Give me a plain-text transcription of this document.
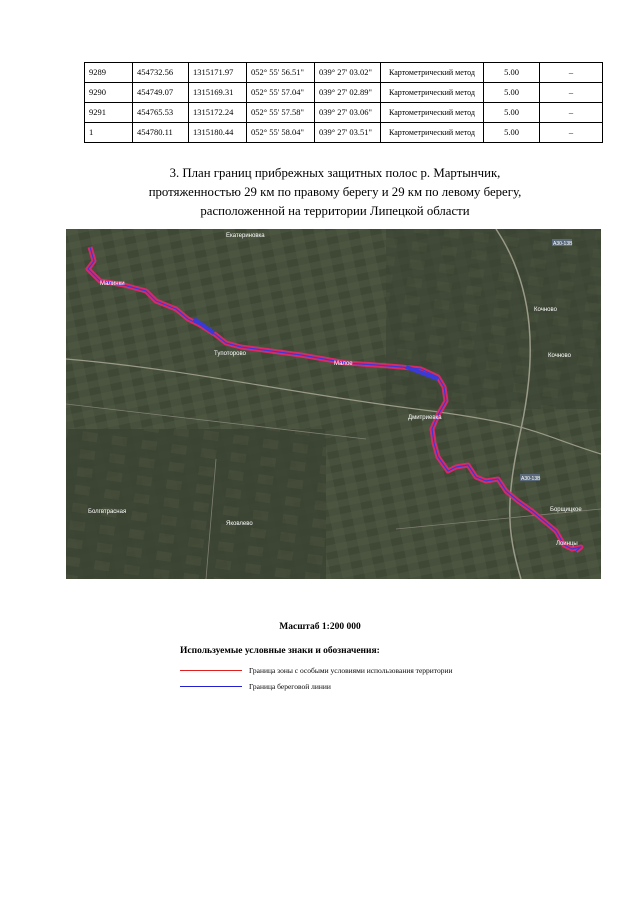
9289	454732.56	1315171.97	052° 55' 56.51"	039° 27' 03.02"	Картометрический метод	5.00	–
9290	454749.07	1315169.31	052° 55' 57.04"	039° 27' 02.89"	Картометрический метод	5.00	–
9291	454765.53	1315172.24	052° 55' 57.58"	039° 27' 03.06"	Картометрический метод	5.00	–
1	454780.11	1315180.44	052° 55' 58.04"	039° 27' 03.51"	Картометрический метод	5.00	–
3. План границ прибрежных защитных полос р. Мартынчик,
протяженностью 29 км по правому берегу и 29 км по левому берегу,
расположенной на территории Липецкой области
Екатериновка
Малинки
Тупоторово
Малое
Дмитриевка
Болгвтрасная
Яковлево
Кочново
Кочново
Борщицкое
Лоинцы
А30-13В
А30-13В
Масштаб 1:200 000
Используемые условные знаки и обозначения:
Граница зоны с особыми условиями использования территории
Граница береговой линии
